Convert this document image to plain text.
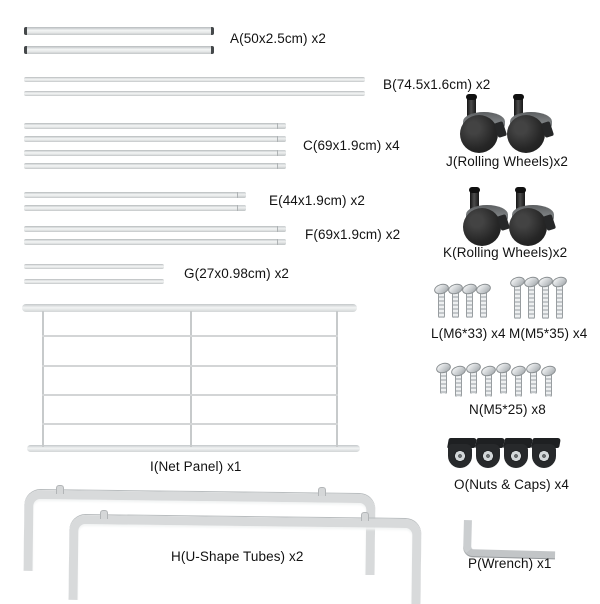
A(50x2.5cm) x2
B(74.5x1.6cm) x2
C(69x1.9cm) x4
E(44x1.9cm) x2
F(69x1.9cm) x2
G(27x0.98cm) x2
I(Net Panel) x1
H(U-Shape Tubes) x2
J(Rolling Wheels)x2
K(Rolling Wheels)x2
L(M6*33) x4 M(M5*35) x4
N(M5*25) x8
O(Nuts & Caps) x4
P(Wrench) x1
